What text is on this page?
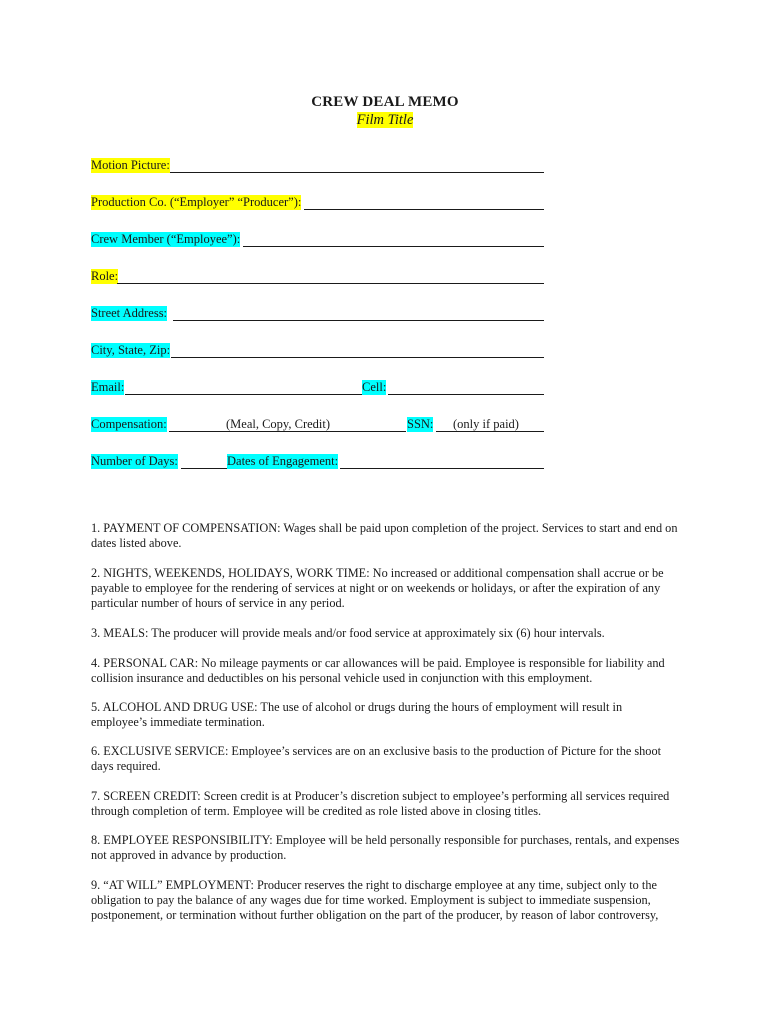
CREW DEAL MEMO
Film Title
Motion Picture:
Production Co. (“Employer” “Producer”):
Crew Member (“Employee”):
Role:
Street Address:
City, State, Zip:
Email:	Cell:
Compensation:	(Meal, Copy, Credit)	SSN: (only if paid)
Number of Days:	Dates of Engagement:
1. PAYMENT OF COMPENSATION: Wages shall be paid upon completion of the project. Services to start and end on dates listed above.
2. NIGHTS, WEEKENDS, HOLIDAYS, WORK TIME: No increased or additional compensation shall accrue or be payable to employee for the rendering of services at night or on weekends or holidays, or after the expiration of any particular number of hours of service in any period.
3. MEALS: The producer will provide meals and/or food service at approximately six (6) hour intervals.
4. PERSONAL CAR: No mileage payments or car allowances will be paid. Employee is responsible for liability and collision insurance and deductibles on his personal vehicle used in conjunction with this employment.
5. ALCOHOL AND DRUG USE: The use of alcohol or drugs during the hours of employment will result in employee’s immediate termination.
6. EXCLUSIVE SERVICE: Employee’s services are on an exclusive basis to the production of Picture for the shoot days required.
7. SCREEN CREDIT: Screen credit is at Producer’s discretion subject to employee’s performing all services required through completion of term. Employee will be credited as role listed above in closing titles.
8. EMPLOYEE RESPONSIBILITY: Employee will be held personally responsible for purchases, rentals, and expenses not approved in advance by production.
9. “AT WILL” EMPLOYMENT: Producer reserves the right to discharge employee at any time, subject only to the obligation to pay the balance of any wages due for time worked. Employment is subject to immediate suspension, postponement, or termination without further obligation on the part of the producer, by reason of labor controversy,
